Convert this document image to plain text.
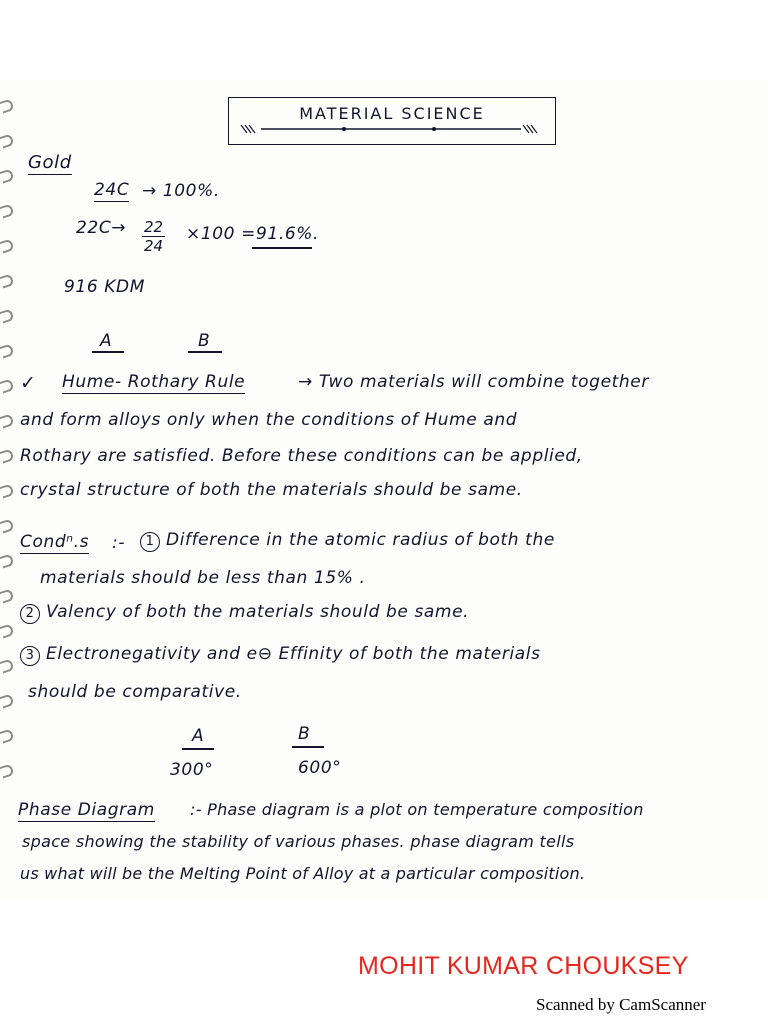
MATERIAL SCIENCE
Gold
24C → 100%.
$22C\to \frac{22}{24} \times 100 = 91.6\%$.
916 KDM
A	B
✓ Hume- Rothary Rule	→ Two materials will combine together
and form alloys only when the conditions of Hume and
Rothary are satisfied. Before these conditions can be applied,
crystal structure of both the materials should be same.
Condⁿ.s :-	1 Difference in the atomic radius of both the
materials should be less than 15% .
2 Valency of both the materials should be same.
3 Electronegativity and e⊖ Effinity of both the materials
should be comparative.
A
300°
B
600°
Phase Diagram :- Phase diagram is a plot on temperature composition
space showing the stability of various phases. phase diagram tells
us what will be the Melting Point of Alloy at a particular composition.
MOHIT KUMAR CHOUKSEY
Scanned by CamScanner
